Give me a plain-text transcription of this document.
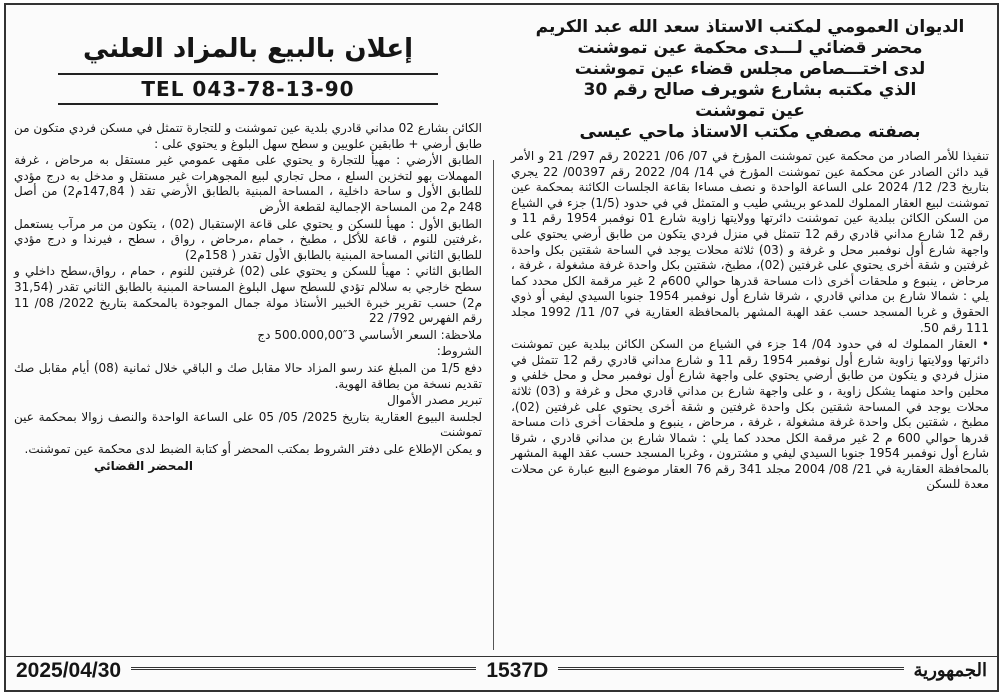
الديوان العمومي لمكتب الاستاذ سعد الله عبد الكريم
محضر قضائي لـــدى محكمة عين تموشنت
لدى اختـــصاص مجلس قضاء عين تموشنت
الذي مكتبه بشارع شويرف صالح رقم 30
عين تموشنت
بصفته مصفي مكتب الاستاذ ماحي عيسى

تنفيذا للأمر الصادر من محكمة عين تموشنت المؤرخ في 07/ 06/ 20221 رقم 297/ 21 و الأمر قيد دائن الصادر عن محكمة عين تموشنت المؤرخ في 14/ 04/ 2022 رقم 00397/ 22 يجري بتاريخ 23/ 12/ 2024 على الساعة الواحدة و نصف مساءا بقاعة الجلسات الكائنة بمحكمة عين تموشنت لبيع العقار المملوك للمدعو بريشي طيب و المتمثل في في حدود (1/5) جزء في الشياع من السكن الكائن ببلدية عين تموشنت دائرتها وولايتها زاوية شارع 01 نوفمبر 1954 رقم 11 و رقم 12 شارع مداني قادري رقم 12 تتمثل في منزل فردي يتكون من طابق أرضي يحتوي على واجهة شارع أول نوفمبر محل و غرفة و (03) ثلاثة محلات يوجد في الساحة شقتين بكل واحدة غرفتين و شقة أخرى يحتوي على غرفتين (02)، مطبخ، شقتين بكل واحدة غرفة مشغولة ، غرفة ، مرحاض ، ينبوع و ملحقات أخرى ذات مساحة قدرها حوالي 600م 2 غير مرقمة الكل محدد كما يلي : شمالا شارع بن مداني قادري ، شرقا شارع أول نوفمبر 1954 جنوبا السيدي ليفي أو ذوي الحقوق و غربا المسجد حسب عقد الهبة المشهر بالمحافظة العقارية في 07/ 11/ 1992 مجلد 111 رقم 50.

• العقار المملوك له في حدود 04/ 14 جزء في الشياع من السكن الكائن ببلدية عين تموشنت دائرتها وولايتها زاوية شارع أول نوفمبر 1954 رقم 11 و شارع مداني قادري رقم 12 تتمثل في منزل فردي و يتكون من طابق أرضي يحتوي على واجهة شارع أول نوفمبر محل و محل خلفي و محلين واحد منهما يشكل زاوية ، و على واجهة شارع بن مداني قادري محل و غرفة و (03) ثلاثة محلات يوجد في المساحة شقتين بكل واحدة غرفتين و شقة أخرى يحتوي على غرفتين (02)، مطبخ ، شقتين بكل واحدة غرفة مشغولة ، غرفة ، مرحاض ، ينبوع و ملحقات أخرى ذات مساحة قدرها حوالي 600 م 2 غير مرقمة الكل محدد كما يلي : شمالا شارع بن مداني قادري ، شرقا شارع أول نوفمبر 1954 جنوبا السيدي ليفي و مشترون ، وغربا المسجد حسب عقد الهبة المشهر بالمحافظة العقارية في 21/ 08/ 2004 مجلد 341 رقم 76 العقار موضوع البيع عبارة عن محلات معدة للسكن

إعلان بالبيع بالمزاد العلني
TEL 043-78-13-90

الكائن بشارع 02 مداني قادري بلدية عين تموشنت و للتجارة تتمثل في مسكن فردي متكون من طابق أرضي + طابقين علويين و سطح سهل البلوغ و يحتوي على :

الطابق الأرضي : مهيأ للتجارة و يحتوي على مقهى عمومي غير مستقل به مرحاض ، غرفة المهملات بهو لتخزين السلع ، محل تجاري لبيع المجوهرات غير مستقل و مدخل به درج مؤدي للطابق الأول و ساحة داخلية ، المساحة المبنية بالطابق الأرضي تقد ( 147,84م2) من أصل 248 م2 من المساحة الإجمالية لقطعة الأرض

الطابق الأول : مهيأ للسكن و يحتوي على قاعة الإستقبال (02) ، يتكون من مر مرآب يستعمل ،غرفتين للنوم ، قاعة للأكل ، مطبخ ، حمام ،مرحاض ، رواق ، سطح ، فيرندا و درج مؤدي للطابق الثاني المساحة المبنية بالطابق الأول تقدر ( 158م2)

الطابق الثاني : مهيأ للسكن و يحتوي على (02) غرفتين للنوم ، حمام ، رواق،سطح داخلي و سطح خارجي به سلالم تؤدي للسطح سهل البلوغ المساحة المبنية بالطابق الثاني تقدر (31,54 م2) حسب تقرير خبرة الخبير الأستاذ مولة جمال الموجودة بالمحكمة بتاريخ 2022/ 08/ 11 رقم الفهرس 792/ 22

ملاحظة: السعر الأساسي 3″500.000,00 دج

الشروط:

دفع 1/5 من المبلغ عند رسو المزاد حالا مقابل صك و الباقي خلال ثمانية (08) أيام مقابل صك تقديم نسخة من بطاقة الهوية.

تبرير مصدر الأموال

لجلسة البيوع العقارية بتاريخ 2025/ 05/ 05 على الساعة الواحدة والنصف زوالا بمحكمة عين تموشنت

و يمكن الإطلاع على دفتر الشروط بمكتب المحضر أو كتابة الضبط لدى محكمة عين تموشنت.

المحضر القضائي
2025/04/30	1537D	الجمهورية
